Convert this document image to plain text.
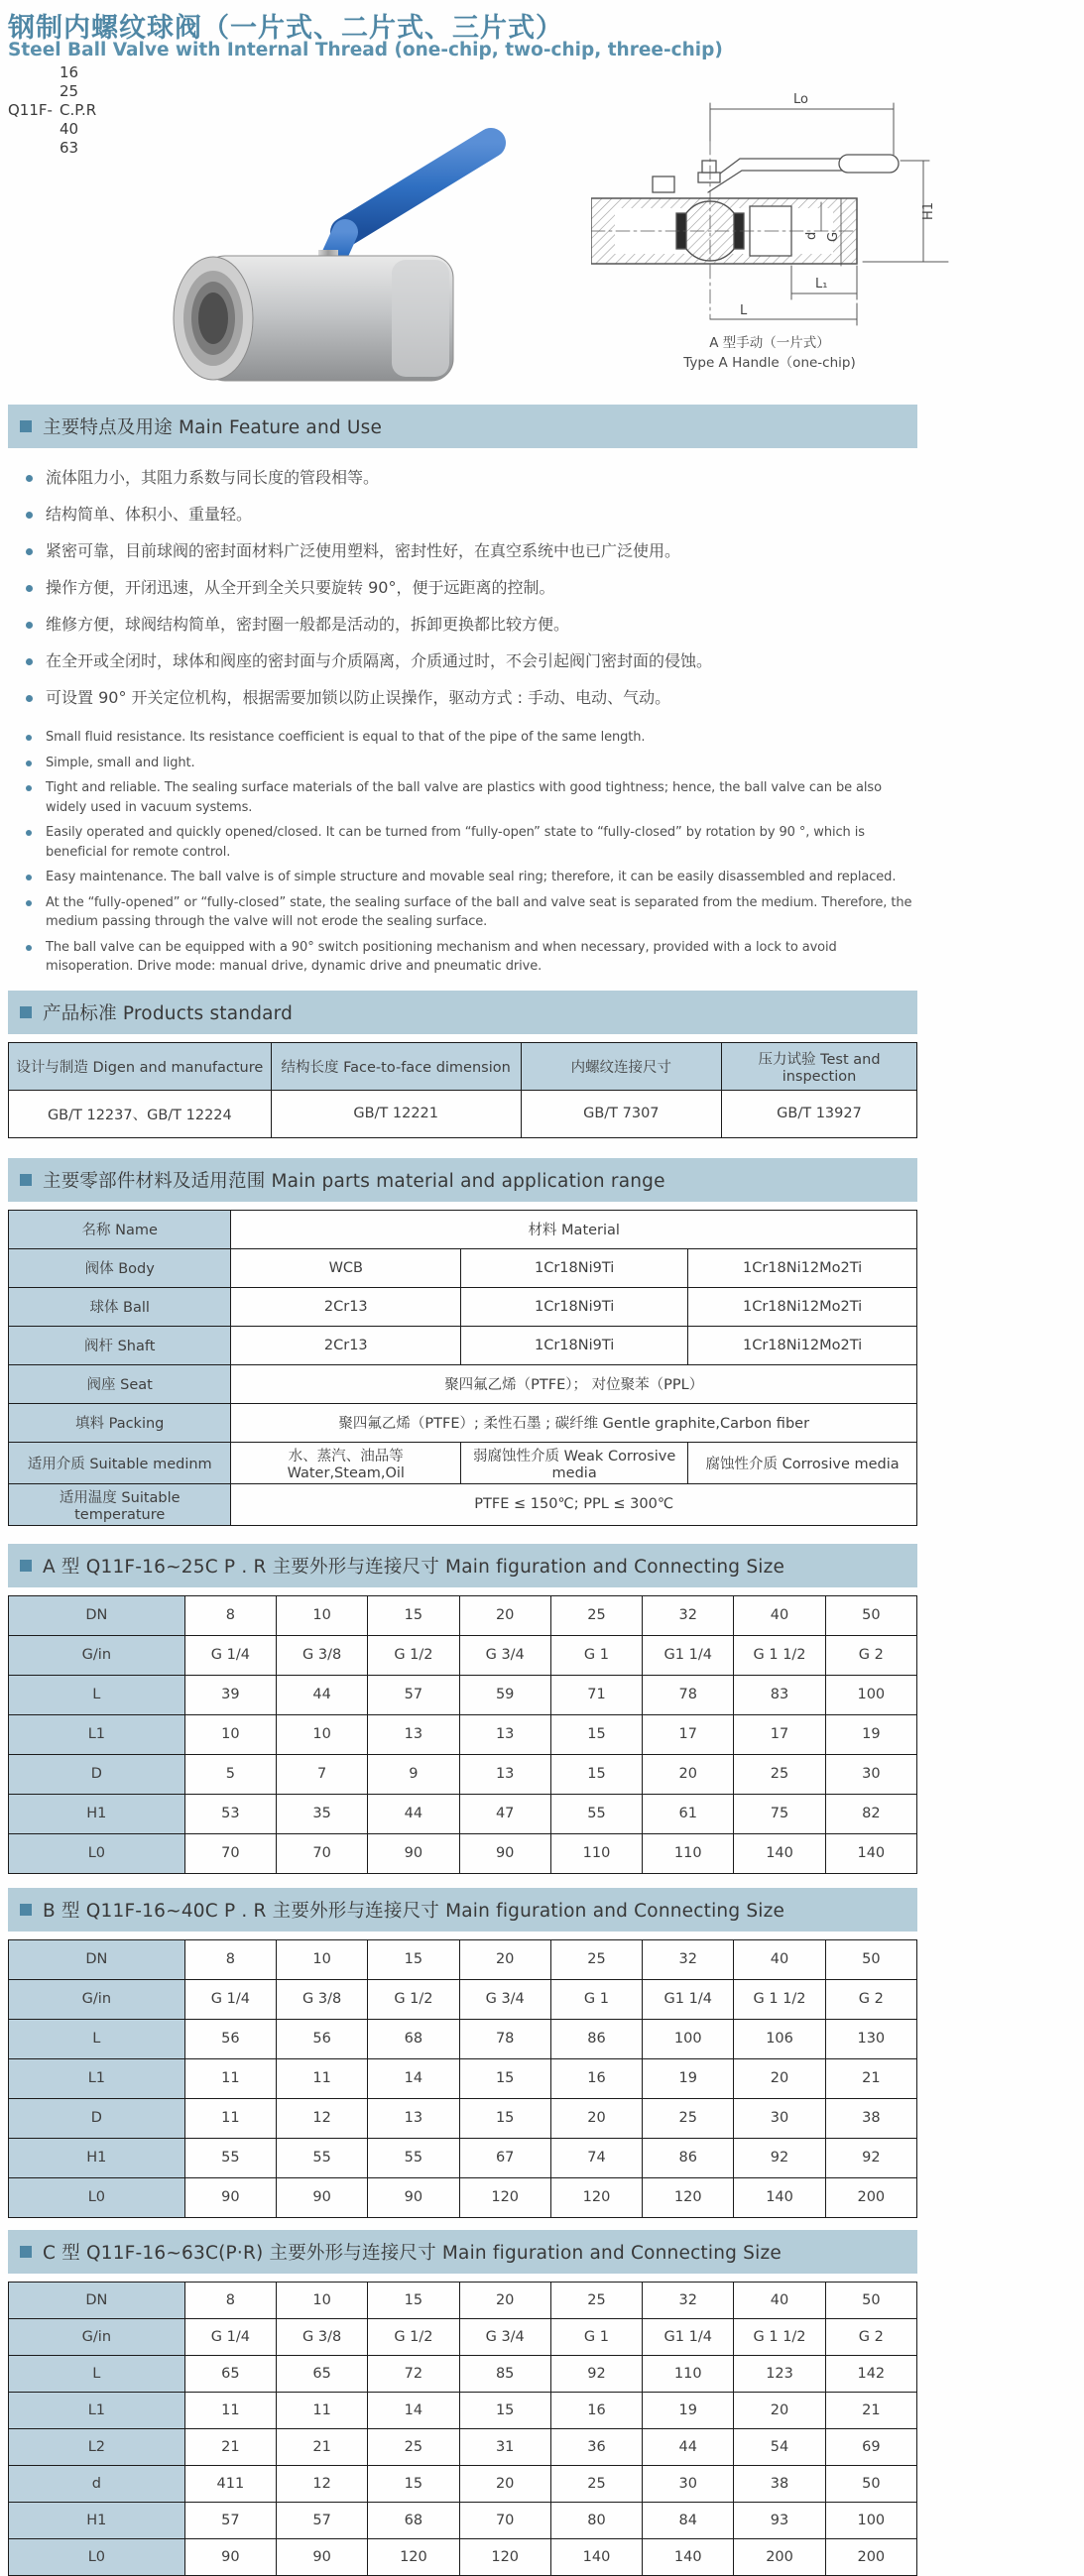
钢制内螺纹球阀（一片式、二片式、三片式）
Steel Ball Valve with Internal Thread (one-chip, two-chip, three-chip)
16
25
Q11F- C.P.R
40
63
Lo
H1
d G
L₁
L
A 型手动（一片式）
Type A Handle（one-chip)
主要特点及用途 Main Feature and Use
流体阻力小，其阻力系数与同长度的管段相等。
结构简单、体积小、重量轻。
紧密可靠，目前球阀的密封面材料广泛使用塑料，密封性好，在真空系统中也已广泛使用。
操作方便，开闭迅速，从全开到全关只要旋转 90°，便于远距离的控制。
维修方便，球阀结构简单，密封圈一般都是活动的，拆卸更换都比较方便。
在全开或全闭时，球体和阀座的密封面与介质隔离，介质通过时，不会引起阀门密封面的侵蚀。
可设置 90° 开关定位机构，根据需要加锁以防止误操作，驱动方式 : 手动、电动、气动。
Small fluid resistance. Its resistance coefficient is equal to that of the pipe of the same length.
Simple, small and light.
Tight and reliable. The sealing surface materials of the ball valve are plastics with good tightness; hence, the ball valve can be also widely used in vacuum systems.
Easily operated and quickly opened/closed. It can be turned from “fully-open” state to “fully-closed” by rotation by 90 °, which is beneficial for remote control.
Easy maintenance. The ball valve is of simple structure and movable seal ring; therefore, it can be easily disassembled and replaced.
At the “fully-opened” or “fully-closed” state, the sealing surface of the ball and valve seat is separated from the medium. Therefore, the medium passing through the valve will not erode the sealing surface.
The ball valve can be equipped with a 90° switch positioning mechanism and when necessary, provided with a lock to avoid misoperation. Drive mode: manual drive, dynamic drive and pneumatic drive.
产品标准 Products standard
设计与制造 Digen and manufacture	结构长度 Face-to-face dimension	内螺纹连接尺寸	压力试验 Test and inspection
GB/T 12237、GB/T 12224	GB/T 12221	GB/T 7307	GB/T 13927
主要零部件材料及适用范围 Main parts material and application range
名称 Name	材料 Material		
阀体 Body	WCB	1Cr18Ni9Ti	1Cr18Ni12Mo2Ti
球体 Ball	2Cr13	1Cr18Ni9Ti	1Cr18Ni12Mo2Ti
阀杆 Shaft	2Cr13	1Cr18Ni9Ti	1Cr18Ni12Mo2Ti
阀座 Seat	聚四氟乙烯（PTFE）； 对位聚苯（PPL）		
填料 Packing	聚四氟乙烯（PTFE）; 柔性石墨 ; 碳纤维 Gentle graphite,Carbon fiber		
适用介质 Suitable medinm	水、蒸汽、油品等 Water,Steam,Oil	弱腐蚀性介质 Weak Corrosive media	腐蚀性介质 Corrosive media
适用温度 Suitable temperature	PTFE ≤ 150℃; PPL ≤ 300℃		
A 型 Q11F-16~25C P . R 主要外形与连接尺寸 Main figuration and Connecting Size
DN	8	10	15	20	25	32	40	50
G/in	G 1/4	G 3/8	G 1/2	G 3/4	G 1	G1 1/4	G 1 1/2	G 2
L	39	44	57	59	71	78	83	100
L1	10	10	13	13	15	17	17	19
D	5	7	9	13	15	20	25	30
H1	53	35	44	47	55	61	75	82
L0	70	70	90	90	110	110	140	140
B 型 Q11F-16~40C P . R 主要外形与连接尺寸 Main figuration and Connecting Size
DN	8	10	15	20	25	32	40	50
G/in	G 1/4	G 3/8	G 1/2	G 3/4	G 1	G1 1/4	G 1 1/2	G 2
L	56	56	68	78	86	100	106	130
L1	11	11	14	15	16	19	20	21
D	11	12	13	15	20	25	30	38
H1	55	55	55	67	74	86	92	92
L0	90	90	90	120	120	120	140	200
C 型 Q11F-16~63C(P·R) 主要外形与连接尺寸 Main figuration and Connecting Size
DN	8	10	15	20	25	32	40	50
G/in	G 1/4	G 3/8	G 1/2	G 3/4	G 1	G1 1/4	G 1 1/2	G 2
L	65	65	72	85	92	110	123	142
L1	11	11	14	15	16	19	20	21
L2	21	21	25	31	36	44	54	69
d	411	12	15	20	25	30	38	50
H1	57	57	68	70	80	84	93	100
L0	90	90	120	120	140	140	200	200
